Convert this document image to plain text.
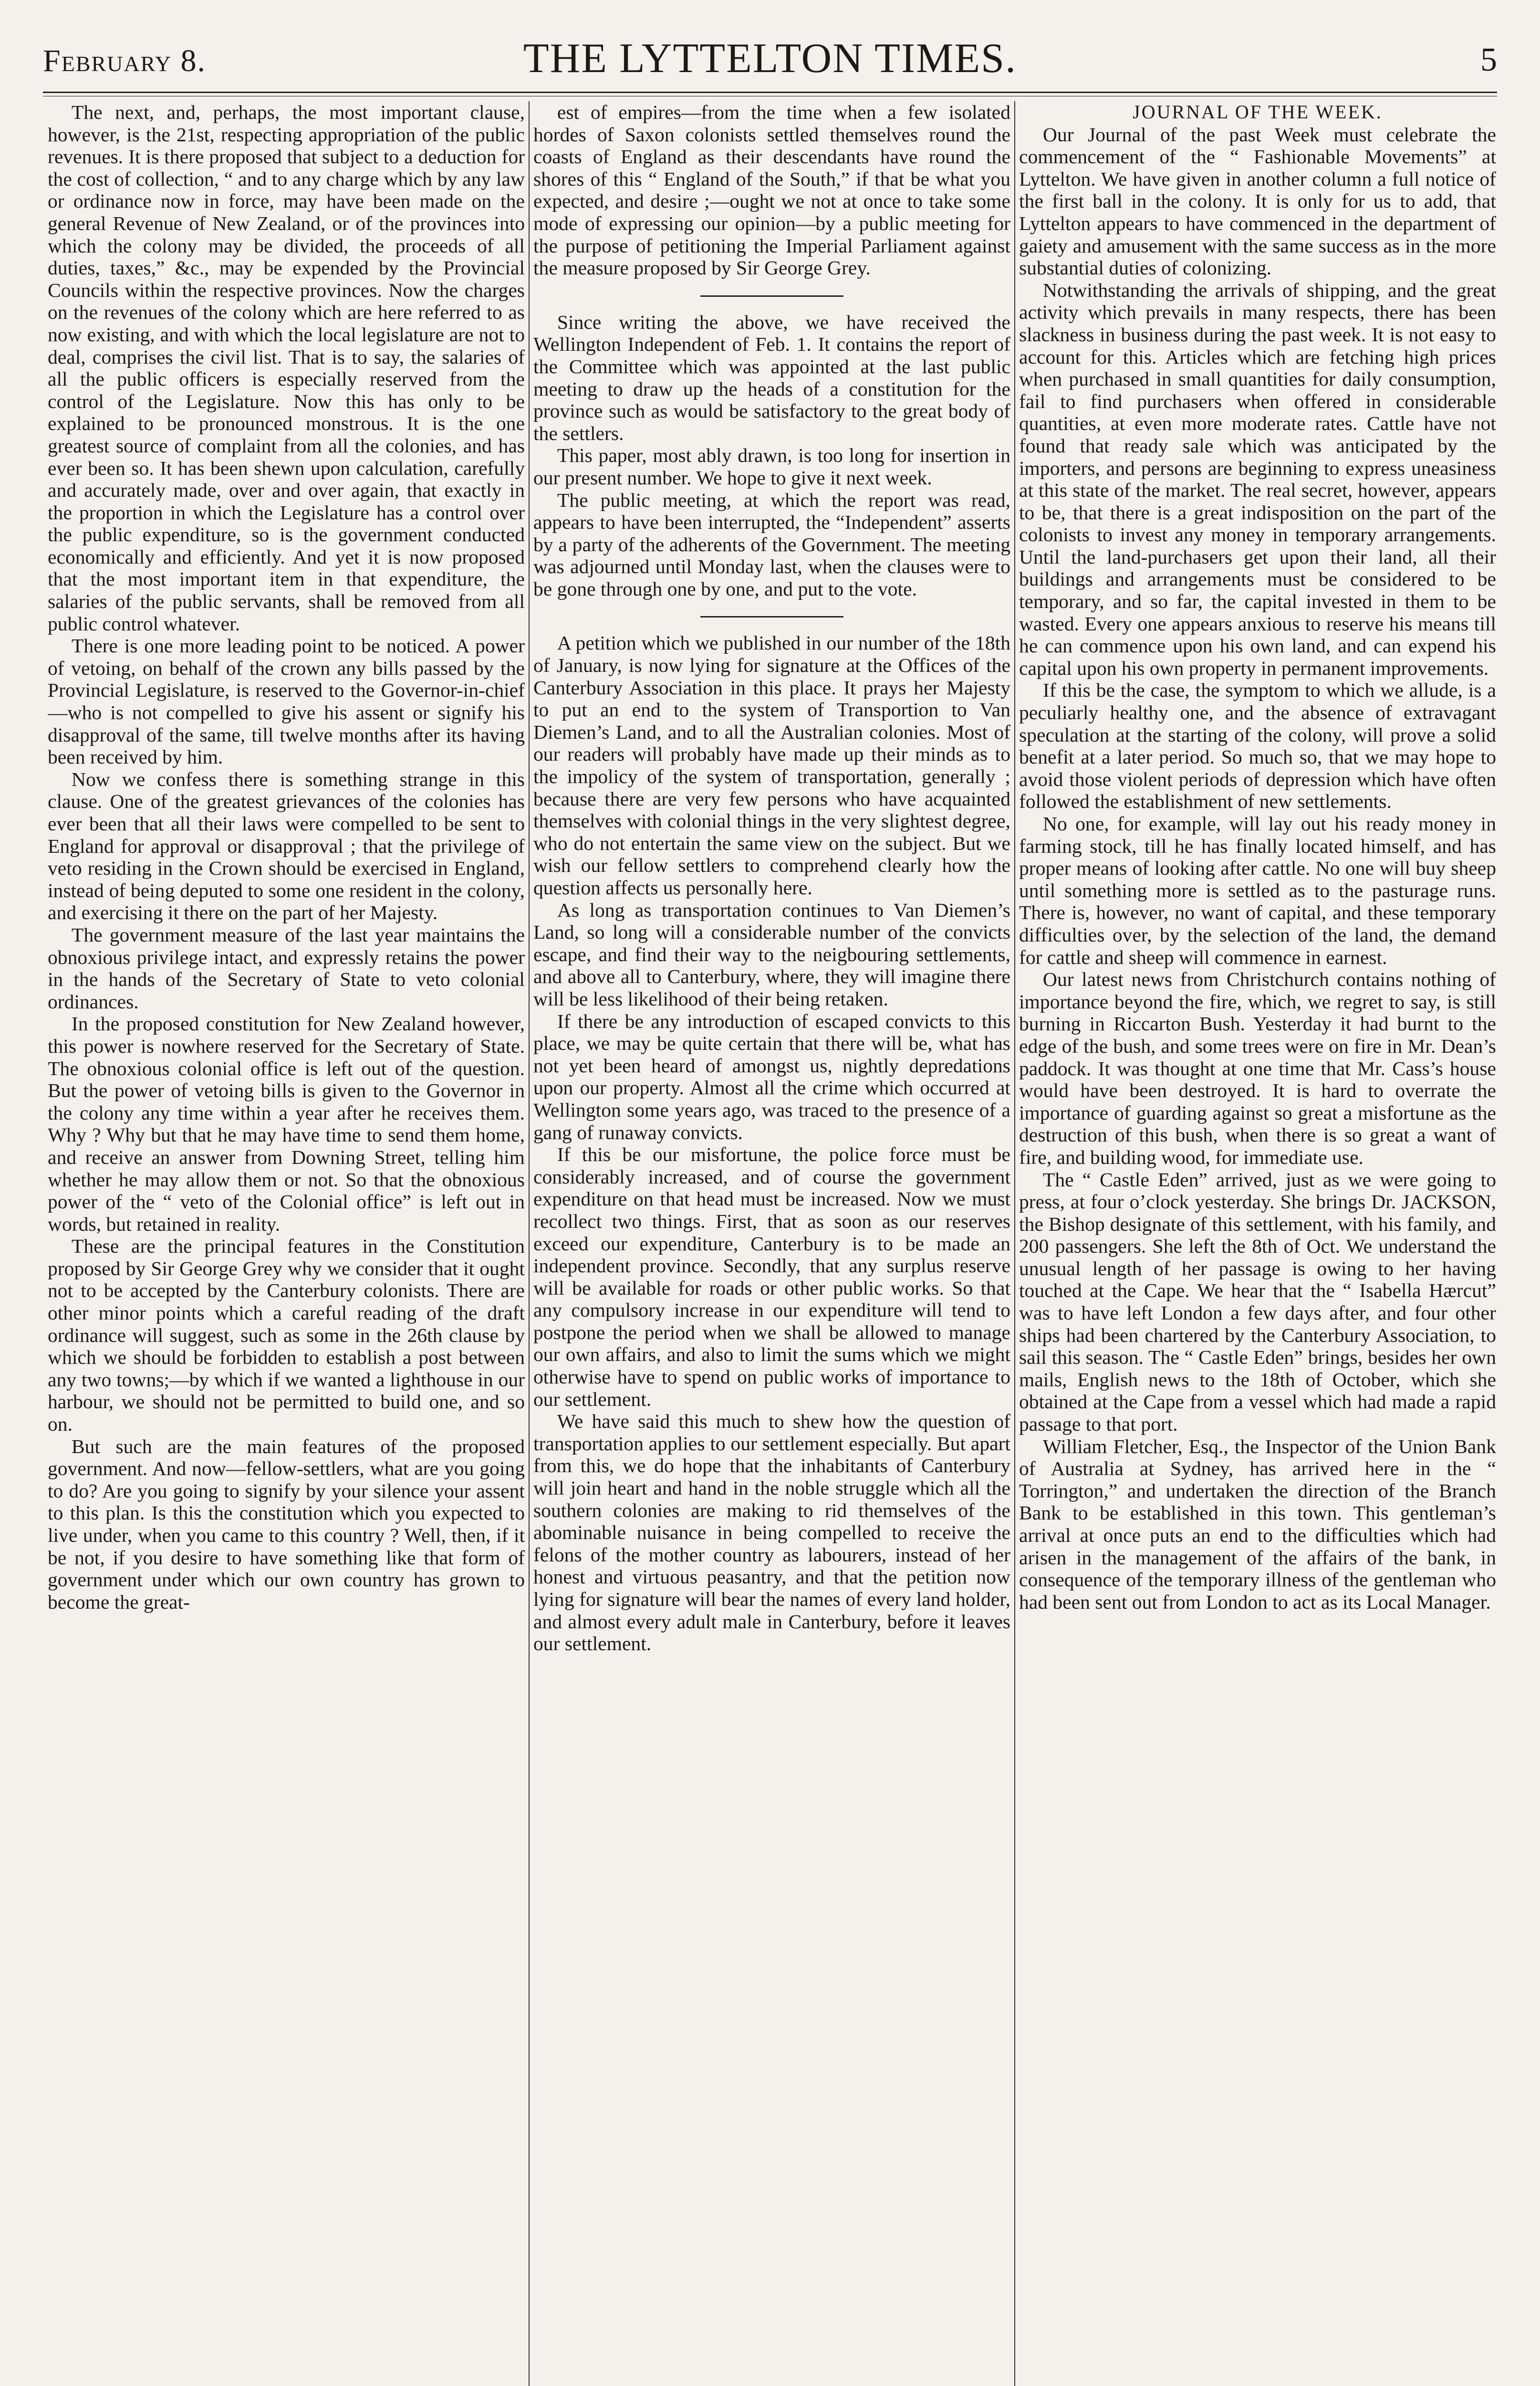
February 8.	THE LYTTELTON TIMES.	5

The next, and, perhaps, the most important clause, however, is the 21st, respecting appropriation of the public revenues. It is there proposed that subject to a deduction for the cost of collection, “ and to any charge which by any law or ordinance now in force, may have been made on the general Revenue of New Zealand, or of the provinces into which the colony may be divided, the proceeds of all duties, taxes,” &c., may be expended by the Provincial Councils within the respective provinces. Now the charges on the revenues of the colony which are here referred to as now existing, and with which the local legislature are not to deal, comprises the civil list. That is to say, the salaries of all the public officers is especially reserved from the control of the Legislature. Now this has only to be explained to be pronounced monstrous. It is the one greatest source of complaint from all the colonies, and has ever been so. It has been shewn upon calculation, carefully and accurately made, over and over again, that exactly in the proportion in which the Legislature has a control over the public expenditure, so is the government conducted economically and efficiently. And yet it is now proposed that the most important item in that expenditure, the salaries of the public servants, shall be removed from all public control whatever.

There is one more leading point to be noticed. A power of vetoing, on behalf of the crown any bills passed by the Provincial Legislature, is reserved to the Governor-in-chief—who is not compelled to give his assent or signify his disapproval of the same, till twelve months after its having been received by him.

Now we confess there is something strange in this clause. One of the greatest grievances of the colonies has ever been that all their laws were compelled to be sent to England for approval or disapproval ; that the privilege of veto residing in the Crown should be exercised in England, instead of being deputed to some one resident in the colony, and exercising it there on the part of her Majesty.

The government measure of the last year maintains the obnoxious privilege intact, and expressly retains the power in the hands of the Secretary of State to veto colonial ordinances.

In the proposed constitution for New Zealand however, this power is nowhere reserved for the Secretary of State. The obnoxious colonial office is left out of the question. But the power of vetoing bills is given to the Governor in the colony any time within a year after he receives them. Why ? Why but that he may have time to send them home, and receive an answer from Downing Street, telling him whether he may allow them or not. So that the obnoxious power of the “ veto of the Colonial office” is left out in words, but retained in reality.

These are the principal features in the Constitution proposed by Sir George Grey why we consider that it ought not to be accepted by the Canterbury colonists. There are other minor points which a careful reading of the draft ordinance will suggest, such as some in the 26th clause by which we should be forbidden to establish a post between any two towns;—by which if we wanted a lighthouse in our harbour, we should not be permitted to build one, and so on.

But such are the main features of the proposed government. And now—fellow-settlers, what are you going to do? Are you going to signify by your silence your assent to this plan. Is this the constitution which you expected to live under, when you came to this country ? Well, then, if it be not, if you desire to have something like that form of government under which our own country has grown to become the great-

est of empires—from the time when a few isolated hordes of Saxon colonists settled themselves round the coasts of England as their descendants have round the shores of this “ England of the South,” if that be what you expected, and desire ;—ought we not at once to take some mode of expressing our opinion—by a public meeting for the purpose of petitioning the Imperial Parliament against the measure proposed by Sir George Grey.

Since writing the above, we have received the Wellington Independent of Feb. 1. It contains the report of the Committee which was appointed at the last public meeting to draw up the heads of a constitution for the province such as would be satisfactory to the great body of the settlers.

This paper, most ably drawn, is too long for insertion in our present number. We hope to give it next week.

The public meeting, at which the report was read, appears to have been interrupted, the “Independent” asserts by a party of the adherents of the Government. The meeting was adjourned until Monday last, when the clauses were to be gone through one by one, and put to the vote.

A petition which we published in our number of the 18th of January, is now lying for signature at the Offices of the Canterbury Association in this place. It prays her Majesty to put an end to the system of Transportion to Van Diemen’s Land, and to all the Australian colonies. Most of our readers will probably have made up their minds as to the impolicy of the system of transportation, generally ; because there are very few persons who have acquainted themselves with colonial things in the very slightest degree, who do not entertain the same view on the subject. But we wish our fellow settlers to comprehend clearly how the question affects us personally here.

As long as transportation continues to Van Diemen’s Land, so long will a considerable number of the convicts escape, and find their way to the neigbouring settlements, and above all to Canterbury, where, they will imagine there will be less likelihood of their being retaken.

If there be any introduction of escaped convicts to this place, we may be quite certain that there will be, what has not yet been heard of amongst us, nightly depredations upon our property. Almost all the crime which occurred at Wellington some years ago, was traced to the presence of a gang of runaway convicts.

If this be our misfortune, the police force must be considerably increased, and of course the government expenditure on that head must be increased. Now we must recollect two things. First, that as soon as our reserves exceed our expenditure, Canterbury is to be made an independent province. Secondly, that any surplus reserve will be available for roads or other public works. So that any compulsory increase in our expenditure will tend to postpone the period when we shall be allowed to manage our own affairs, and also to limit the sums which we might otherwise have to spend on public works of importance to our settlement.

We have said this much to shew how the question of transportation applies to our settlement especially. But apart from this, we do hope that the inhabitants of Canterbury will join heart and hand in the noble struggle which all the southern colonies are making to rid themselves of the abominable nuisance in being compelled to receive the felons of the mother country as labourers, instead of her honest and virtuous peasantry, and that the petition now lying for signature will bear the names of every land holder, and almost every adult male in Canterbury, before it leaves our settlement.

JOURNAL OF THE WEEK.

Our Journal of the past Week must celebrate the commencement of the “ Fashionable Movements” at Lyttelton. We have given in another column a full notice of the first ball in the colony. It is only for us to add, that Lyttelton appears to have commenced in the department of gaiety and amusement with the same success as in the more substantial duties of colonizing.

Notwithstanding the arrivals of shipping, and the great activity which prevails in many respects, there has been slackness in business during the past week. It is not easy to account for this. Articles which are fetching high prices when purchased in small quantities for daily consumption, fail to find purchasers when offered in considerable quantities, at even more moderate rates. Cattle have not found that ready sale which was anticipated by the importers, and persons are beginning to express uneasiness at this state of the market. The real secret, however, appears to be, that there is a great indisposition on the part of the colonists to invest any money in temporary arrangements. Until the land-purchasers get upon their land, all their buildings and arrangements must be considered to be temporary, and so far, the capital invested in them to be wasted. Every one appears anxious to reserve his means till he can commence upon his own land, and can expend his capital upon his own property in permanent improvements.

If this be the case, the symptom to which we allude, is a peculiarly healthy one, and the absence of extravagant speculation at the starting of the colony, will prove a solid benefit at a later period. So much so, that we may hope to avoid those violent periods of depression which have often followed the establishment of new settlements.

No one, for example, will lay out his ready money in farming stock, till he has finally located himself, and has proper means of looking after cattle. No one will buy sheep until something more is settled as to the pasturage runs. There is, however, no want of capital, and these temporary difficulties over, by the selection of the land, the demand for cattle and sheep will commence in earnest.

Our latest news from Christchurch contains nothing of importance beyond the fire, which, we regret to say, is still burning in Riccarton Bush. Yesterday it had burnt to the edge of the bush, and some trees were on fire in Mr. Dean’s paddock. It was thought at one time that Mr. Cass’s house would have been destroyed. It is hard to overrate the importance of guarding against so great a misfortune as the destruction of this bush, when there is so great a want of fire, and building wood, for immediate use.

The “ Castle Eden” arrived, just as we were going to press, at four o’clock yesterday. She brings Dr. JACKSON, the Bishop designate of this settlement, with his family, and 200 passengers. She left the 8th of Oct. We understand the unusual length of her passage is owing to her having touched at the Cape. We hear that the “ Isabella Hærcut” was to have left London a few days after, and four other ships had been chartered by the Canterbury Association, to sail this season. The “ Castle Eden” brings, besides her own mails, English news to the 18th of October, which she obtained at the Cape from a vessel which had made a rapid passage to that port.

William Fletcher, Esq., the Inspector of the Union Bank of Australia at Sydney, has arrived here in the “ Torrington,” and undertaken the direction of the Branch Bank to be established in this town. This gentleman’s arrival at once puts an end to the difficulties which had arisen in the management of the affairs of the bank, in consequence of the temporary illness of the gentleman who had been sent out from London to act as its Local Manager.
